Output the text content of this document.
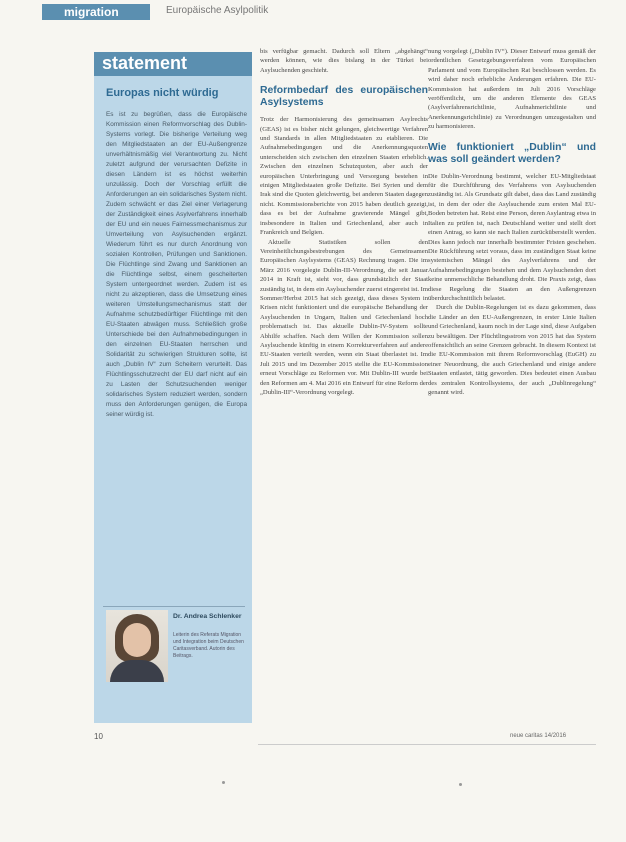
migration	Europäische Asylpolitik
statement
Europas nicht würdig
Es ist zu begrüßen, dass die Europäische Kommission einen Reformvorschlag des Dublin-Systems vorlegt. Die bisherige Verteilung weg den Mitgliedstaaten an der EU-Außengrenze unverhältnismäßig viel Verantwortung zu. Nicht zuletzt aufgrund der verursachten Defizite in diesen Ländern ist es höchst weiterhin unzulässig. Doch der Vorschlag erfüllt die Anforderungen an ein solidarisches System nicht. Zudem schwächt er das Ziel einer Verlagerung der Zuständigkeit eines Asylverfahrens innerhalb der EU und ein neues Fairnessmechanismus zur Umverteilung von Asylsuchenden ergänzt. Wiederum führt es nur durch Anordnung von sozialen Kontrollen, Prüfungen und Sanktionen. Die Flüchtlinge sind Zwang und Sanktionen an die Flüchtlinge selbst, einem gescheiterten System untergeordnet werden. Zudem ist es nicht zu akzeptieren, dass die Umsetzung eines weiteren Umstellungsmechanismus statt der Aufnahme schutzbedürftiger Flüchtlinge mit den EU-Staaten abwägen muss. Schließlich große Unterschiede bei den Aufnahmebedingungen in den einzelnen EU-Staaten herrschen und Solidarität zu schwierigen Strukturen sollte, ist auch „Dublin IV“ zum Scheitern verurteilt. Das Flüchtlingsschutzrecht der EU darf nicht auf ein zu Lasten der Schutzsuchenden weniger solidarisches System reduziert werden, sondern muss den Anforderungen genügen, die Europa seiner würdig ist.
Dr. Andrea Schlenker
Leiterin des Referats Migration und Integration beim Deutschen Caritasverband. Autorin des Beitrags.

bis verfügbar gemacht. Dadurch soll Eltern „abgehängt“ werden können, wie dies bislang in der Türkei bei Asylsuchenden geschieht.

Reformbedarf des europäischen Asylsystems

Trotz der Harmonisierung des gemeinsamen Asylrechts (GEAS) ist es bisher nicht gelungen, gleichwertige Verfahren und Standards in allen Mitgliedstaaten zu etablieren. Die Aufnahmebedingungen und die Anerkennungsquoten unterscheiden sich zwischen den einzelnen Staaten erheblich. Zwischen den einzelnen Schutzquoten, aber auch der europäischen Unterbringung und Versorgung bestehen in einigen Mitgliedstaaten große Defizite. Bei Syrien und dem Irak sind die Quoten gleichwertig, bei anderen Staaten dagegen nicht. Kommissionsberichte von 2015 haben deutlich gezeigt, dass es bei der Aufnahme gravierende Mängel gibt, insbesondere in Italien und Griechenland, aber auch in Frankreich und Belgien.

Aktuelle Statistiken sollen den Vereinheitlichungsbestrebungen des Gemeinsamen Europäischen Asylsystems (GEAS) Rechnung tragen. Die im März 2016 vorgelegte Dublin-III-Verordnung, die seit Januar 2014 in Kraft ist, sieht vor, dass grundsätzlich der Staat zuständig ist, in dem ein Asylsuchender zuerst eingereist ist. Im Sommer/Herbst 2015 hat sich gezeigt, dass dieses System in Krisen nicht funktioniert und die europäische Behandlung der Asylsuchenden in Ungarn, Italien und Griechenland hoch problematisch ist. Das aktuelle Dublin-IV-System sollte Abhilfe schaffen. Nach dem Willen der Kommission sollen Asylsuchende künftig in einem Korrekturverfahren auf andere EU-Staaten verteilt werden, wenn ein Staat überlastet ist. Im Juli 2015 und im Dezember 2015 stellte die EU-Kommission erneut Vorschläge zu Reformen vor. Mit Dublin-III wurde bei den Reformen am 4. Mai 2016 ein Entwurf für eine Reform der „Dublin-III“-Verordnung vorgelegt.

nung vorgelegt („Dublin IV“). Dieser Entwurf muss gemäß der ordentlichen Gesetzgebungsverfahren vom Europäischen Parlament und vom Europäischen Rat beschlossen werden. Es wird daher noch erhebliche Änderungen erfahren. Die EU-Kommission hat außerdem im Juli 2016 Vorschläge veröffentlicht, um die anderen Elemente des GEAS (Asylverfahrensrichtlinie, Aufnahmerichtlinie und Anerkennungsrichtlinie) zu Verordnungen umzugestalten und zu harmonisieren.

Wie funktioniert „Dublin“ und was soll geändert werden?

Die Dublin-Verordnung bestimmt, welcher EU-Mitgliedstaat für die Durchführung des Verfahrens von Asylsuchenden zuständig ist. Als Grundsatz gilt dabei, dass das Land zuständig ist, in dem der oder die Asylsuchende zum ersten Mal EU-Boden betreten hat. Reist eine Person, deren Asylantrag etwa in Italien zu prüfen ist, nach Deutschland weiter und stellt dort einen Antrag, so kann sie nach Italien zurücküberstellt werden. Dies kann jedoch nur innerhalb bestimmter Fristen geschehen. Die Rückführung setzt voraus, dass im zuständigen Staat keine systemischen Mängel des Asylverfahrens und der Aufnahmebedingungen bestehen und dem Asylsuchenden dort keine unmenschliche Behandlung droht. Die Praxis zeigt, dass diese Regelung die Staaten an den Außengrenzen überdurchschnittlich belastet.

Durch die Dublin-Regelungen ist es dazu gekommen, dass die Länder an den EU-Außengrenzen, in erster Linie Italien und Griechenland, kaum noch in der Lage sind, diese Aufgaben zu bewältigen. Der Flüchtlingsstrom von 2015 hat das System offensichtlich an seine Grenzen gebracht. In diesem Kontext ist die EU-Kommission mit ihrem Reformvorschlag (EuGH) zu einer Neuordnung, die auch Griechenland und einige andere Staaten entlastet, tätig geworden. Dies bedeutet einen Ausbau des zentralen Kontrollsystems, der auch „Dublinregelung“ genannt wird.

10	neue caritas 14/2016
